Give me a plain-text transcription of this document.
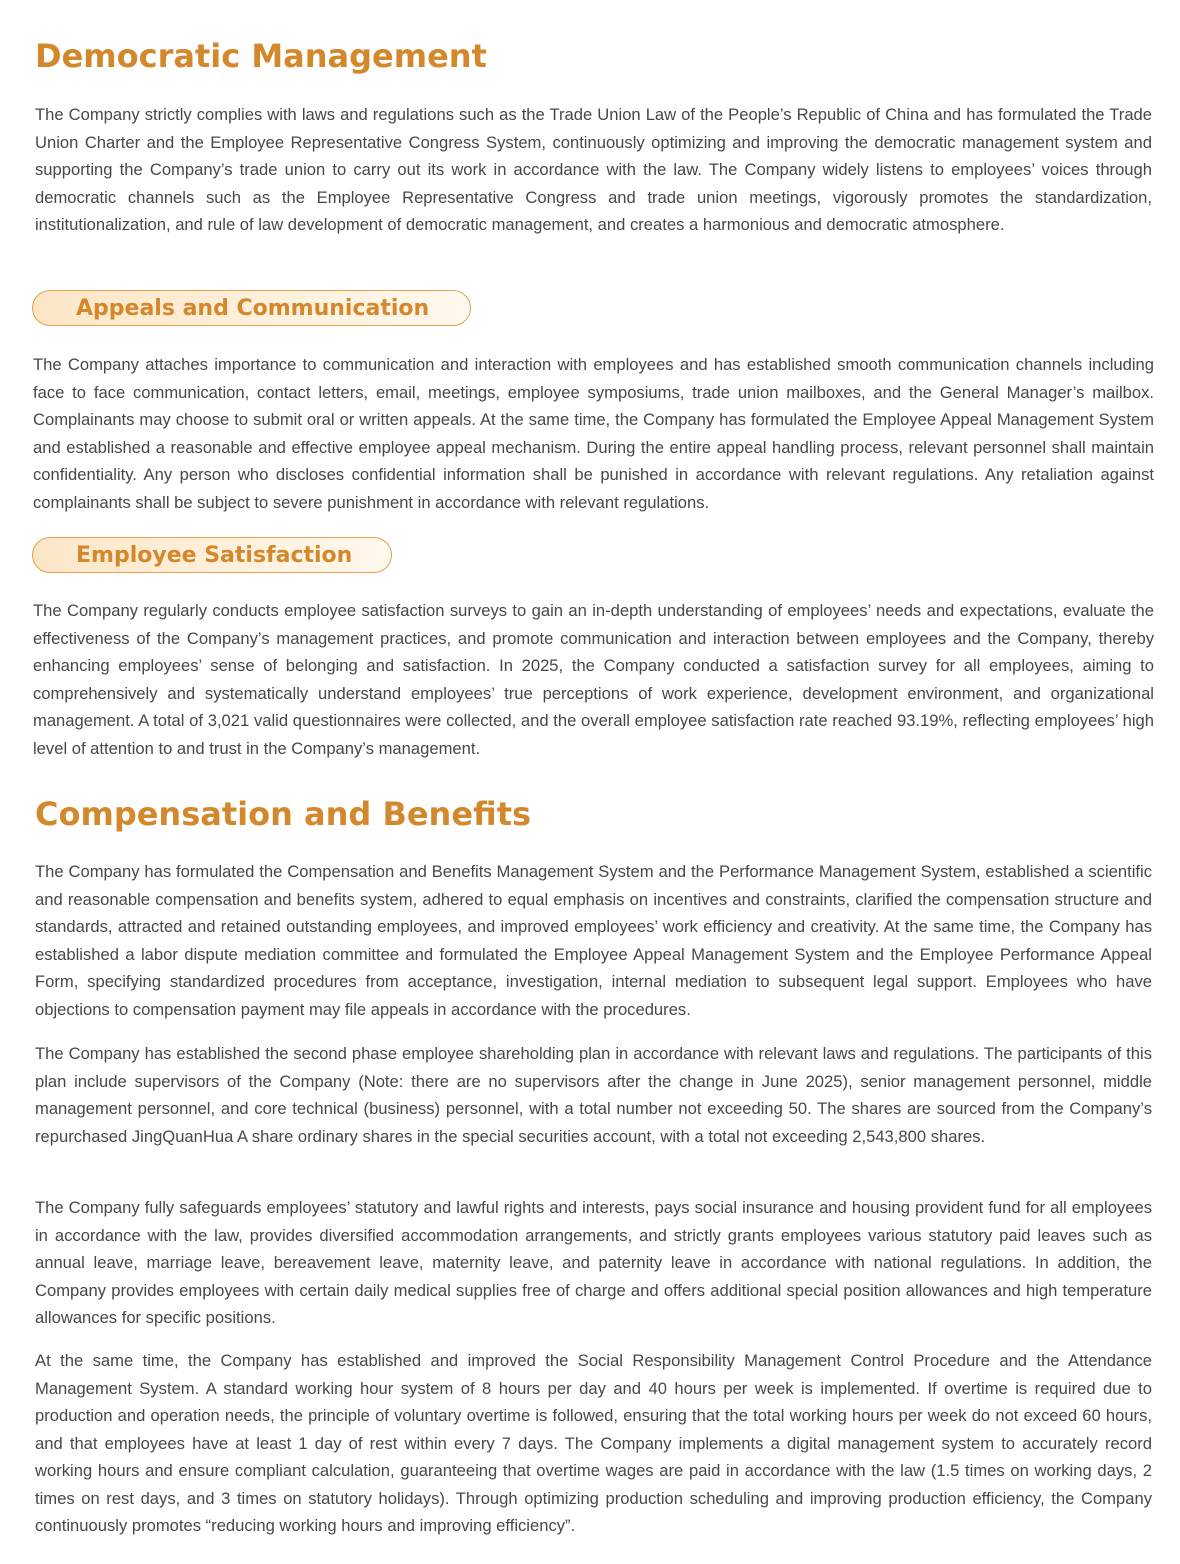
Democratic Management

The Company strictly complies with laws and regulations such as the Trade Union Law of the People’s Republic of China and has formulated the Trade Union Charter and the Employee Representative Congress System, continuously optimizing and improving the democratic management system and supporting the Company’s trade union to carry out its work in accordance with the law. The Company widely listens to employees’ voices through democratic channels such as the Employee Representative Congress and trade union meetings, vigorously promotes the standardization, institutionalization, and rule of law development of democratic management, and creates a harmonious and democratic atmosphere.

Appeals and Communication

The Company attaches importance to communication and interaction with employees and has established smooth communication channels including face to face communication, contact letters, email, meetings, employee symposiums, trade union mailboxes, and the General Manager’s mailbox. Complainants may choose to submit oral or written appeals. At the same time, the Company has formulated the Employee Appeal Management System and established a reasonable and effective employee appeal mechanism. During the entire appeal handling process, relevant personnel shall maintain confidentiality. Any person who discloses confidential information shall be punished in accordance with relevant regulations. Any retaliation against complainants shall be subject to severe punishment in accordance with relevant regulations.

Employee Satisfaction

The Company regularly conducts employee satisfaction surveys to gain an in-depth understanding of employees’ needs and expectations, evaluate the effectiveness of the Company’s management practices, and promote communication and interaction between employees and the Company, thereby enhancing employees’ sense of belonging and satisfaction. In 2025, the Company conducted a satisfaction survey for all employees, aiming to comprehensively and systematically understand employees’ true perceptions of work experience, development environment, and organizational management. A total of 3,021 valid questionnaires were collected, and the overall employee satisfaction rate reached 93.19%, reflecting employees’ high level of attention to and trust in the Company’s management.

Compensation and Benefits

The Company has formulated the Compensation and Benefits Management System and the Performance Management System, established a scientific and reasonable compensation and benefits system, adhered to equal emphasis on incentives and constraints, clarified the compensation structure and standards, attracted and retained outstanding employees, and improved employees’ work efficiency and creativity. At the same time, the Company has established a labor dispute mediation committee and formulated the Employee Appeal Management System and the Employee Performance Appeal Form, specifying standardized procedures from acceptance, investigation, internal mediation to subsequent legal support. Employees who have objections to compensation payment may file appeals in accordance with the procedures.

The Company has established the second phase employee shareholding plan in accordance with relevant laws and regulations. The participants of this plan include supervisors of the Company (Note: there are no supervisors after the change in June 2025), senior management personnel, middle management personnel, and core technical (business) personnel, with a total number not exceeding 50. The shares are sourced from the Company’s repurchased JingQuanHua A share ordinary shares in the special securities account, with a total not exceeding 2,543,800 shares.

The Company fully safeguards employees’ statutory and lawful rights and interests, pays social insurance and housing provident fund for all employees in accordance with the law, provides diversified accommodation arrangements, and strictly grants employees various statutory paid leaves such as annual leave, marriage leave, bereavement leave, maternity leave, and paternity leave in accordance with national regulations. In addition, the Company provides employees with certain daily medical supplies free of charge and offers additional special position allowances and high temperature allowances for specific positions.

At the same time, the Company has established and improved the Social Responsibility Management Control Procedure and the Attendance Management System. A standard working hour system of 8 hours per day and 40 hours per week is implemented. If overtime is required due to production and operation needs, the principle of voluntary overtime is followed, ensuring that the total working hours per week do not exceed 60 hours, and that employees have at least 1 day of rest within every 7 days. The Company implements a digital management system to accurately record working hours and ensure compliant calculation, guaranteeing that overtime wages are paid in accordance with the law (1.5 times on working days, 2 times on rest days, and 3 times on statutory holidays). Through optimizing production scheduling and improving production efficiency, the Company continuously promotes “reducing working hours and improving efficiency”.
